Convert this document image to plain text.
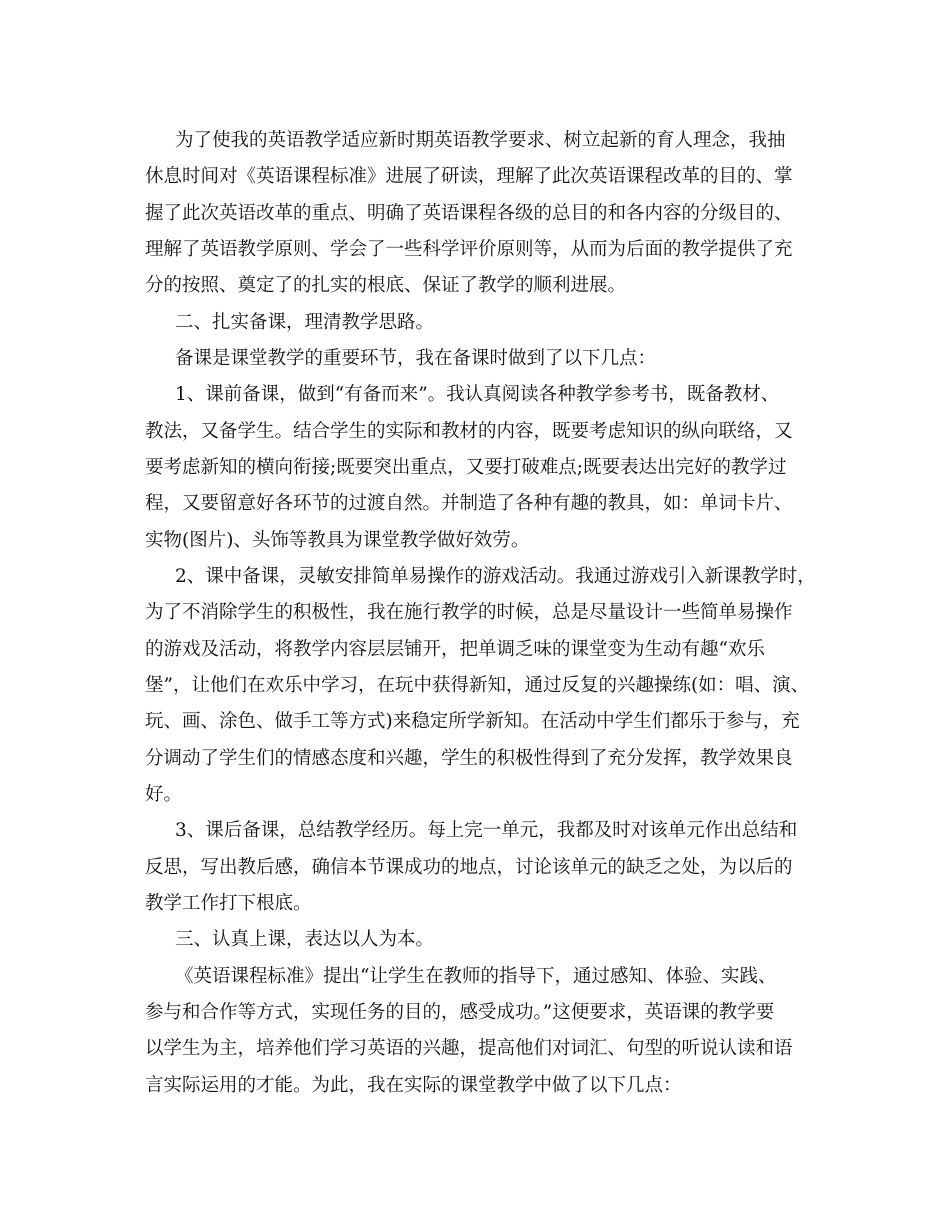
为了使我的英语教学适应新时期英语教学要求、树立起新的育人理念，我抽

休息时间对《英语课程标准》进展了研读，理解了此次英语课程改革的目的、掌

握了此次英语改革的重点、明确了英语课程各级的总目的和各内容的分级目的、

理解了英语教学原则、学会了一些科学评价原则等，从而为后面的教学提供了充

分的按照、奠定了的扎实的根底、保证了教学的顺利进展。

二、扎实备课，理清教学思路。

备课是课堂教学的重要环节，我在备课时做到了以下几点：

1、课前备课，做到“有备而来”。我认真阅读各种教学参考书，既备教材、

教法，又备学生。结合学生的实际和教材的内容，既要考虑知识的纵向联络，又

要考虑新知的横向衔接;既要突出重点，又要打破难点;既要表达出完好的教学过

程，又要留意好各环节的过渡自然。并制造了各种有趣的教具，如：单词卡片、

实物(图片)、头饰等教具为课堂教学做好效劳。

2、课中备课，灵敏安排简单易操作的游戏活动。我通过游戏引入新课教学时，

为了不消除学生的积极性，我在施行教学的时候，总是尽量设计一些简单易操作

的游戏及活动，将教学内容层层铺开，把单调乏味的课堂变为生动有趣“欢乐

堡”，让他们在欢乐中学习，在玩中获得新知，通过反复的兴趣操练(如：唱、演、

玩、画、涂色、做手工等方式)来稳定所学新知。在活动中学生们都乐于参与，充

分调动了学生们的情感态度和兴趣，学生的积极性得到了充分发挥，教学效果良

好。

3、课后备课，总结教学经历。每上完一单元，我都及时对该单元作出总结和

反思，写出教后感，确信本节课成功的地点，讨论该单元的缺乏之处，为以后的

教学工作打下根底。

三、认真上课，表达以人为本。

《英语课程标准》提出“让学生在教师的指导下，通过感知、体验、实践、

参与和合作等方式，实现任务的目的，感受成功。”这便要求，英语课的教学要

以学生为主，培养他们学习英语的兴趣，提高他们对词汇、句型的听说认读和语

言实际运用的才能。为此，我在实际的课堂教学中做了以下几点：
